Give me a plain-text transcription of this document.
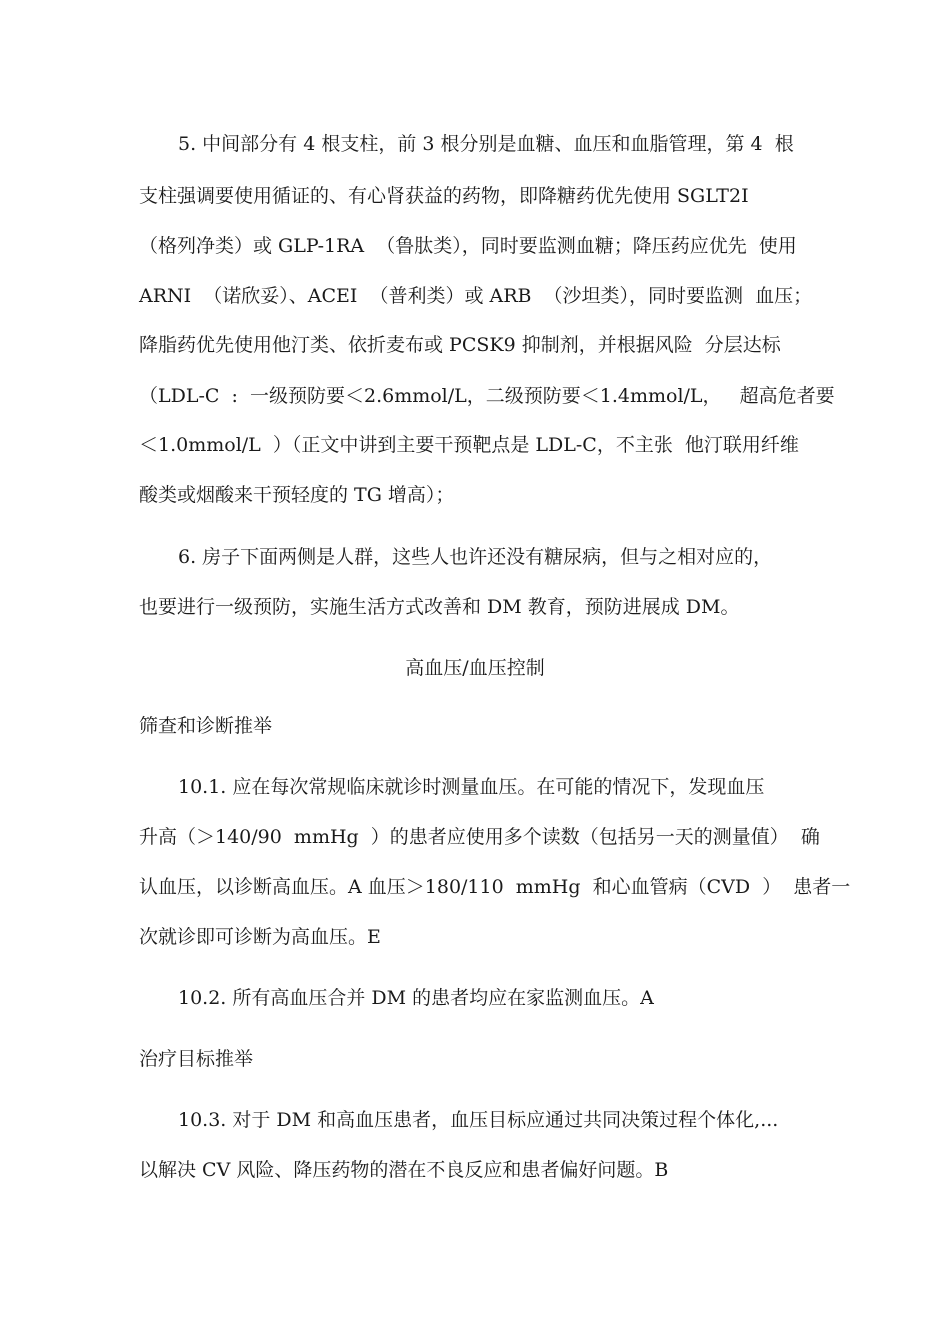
5. 中间部分有 4 根支柱，前 3 根分别是血糖、血压和血脂管理，第 4  根
支柱强调要使用循证的、有心肾获益的药物，即降糖药优先使用 SGLT2I
（格列净类）或 GLP-1RA  （鲁肽类），同时要监测血糖；降压药应优先  使用
ARNI  （诺欣妥）、ACEI  （普利类）或 ARB  （沙坦类），同时要监测  血压；
降脂药优先使用他汀类、依折麦布或 PCSK9 抑制剂，并根据风险  分层达标
（LDL-C  :  一级预防要＜2.6mmol/L，二级预防要＜1.4mmol/L，   超高危者要
＜1.0mmol/L  ）（正文中讲到主要干预靶点是 LDL-C，不主张  他汀联用纤维
酸类或烟酸来干预轻度的 TG 增高）；
6. 房子下面两侧是人群，这些人也许还没有糖尿病，但与之相对应的，
也要进行一级预防，实施生活方式改善和 DM 教育，预防进展成 DM。
高血压/血压控制
筛查和诊断推举
10.1. 应在每次常规临床就诊时测量血压。在可能的情况下，发现血压
升高（＞140/90  mmHg  ）的患者应使用多个读数（包括另一天的测量值）  确
认血压，以诊断高血压。A 血压＞180/110  mmHg  和心血管病（CVD  ）  患者一
次就诊即可诊断为高血压。E
10.2. 所有高血压合并 DM 的患者均应在家监测血压。A
治疗目标推举
10.3. 对于 DM 和高血压患者，血压目标应通过共同决策过程个体化,...
以解决 CV 风险、降压药物的潜在不良反应和患者偏好问题。B
